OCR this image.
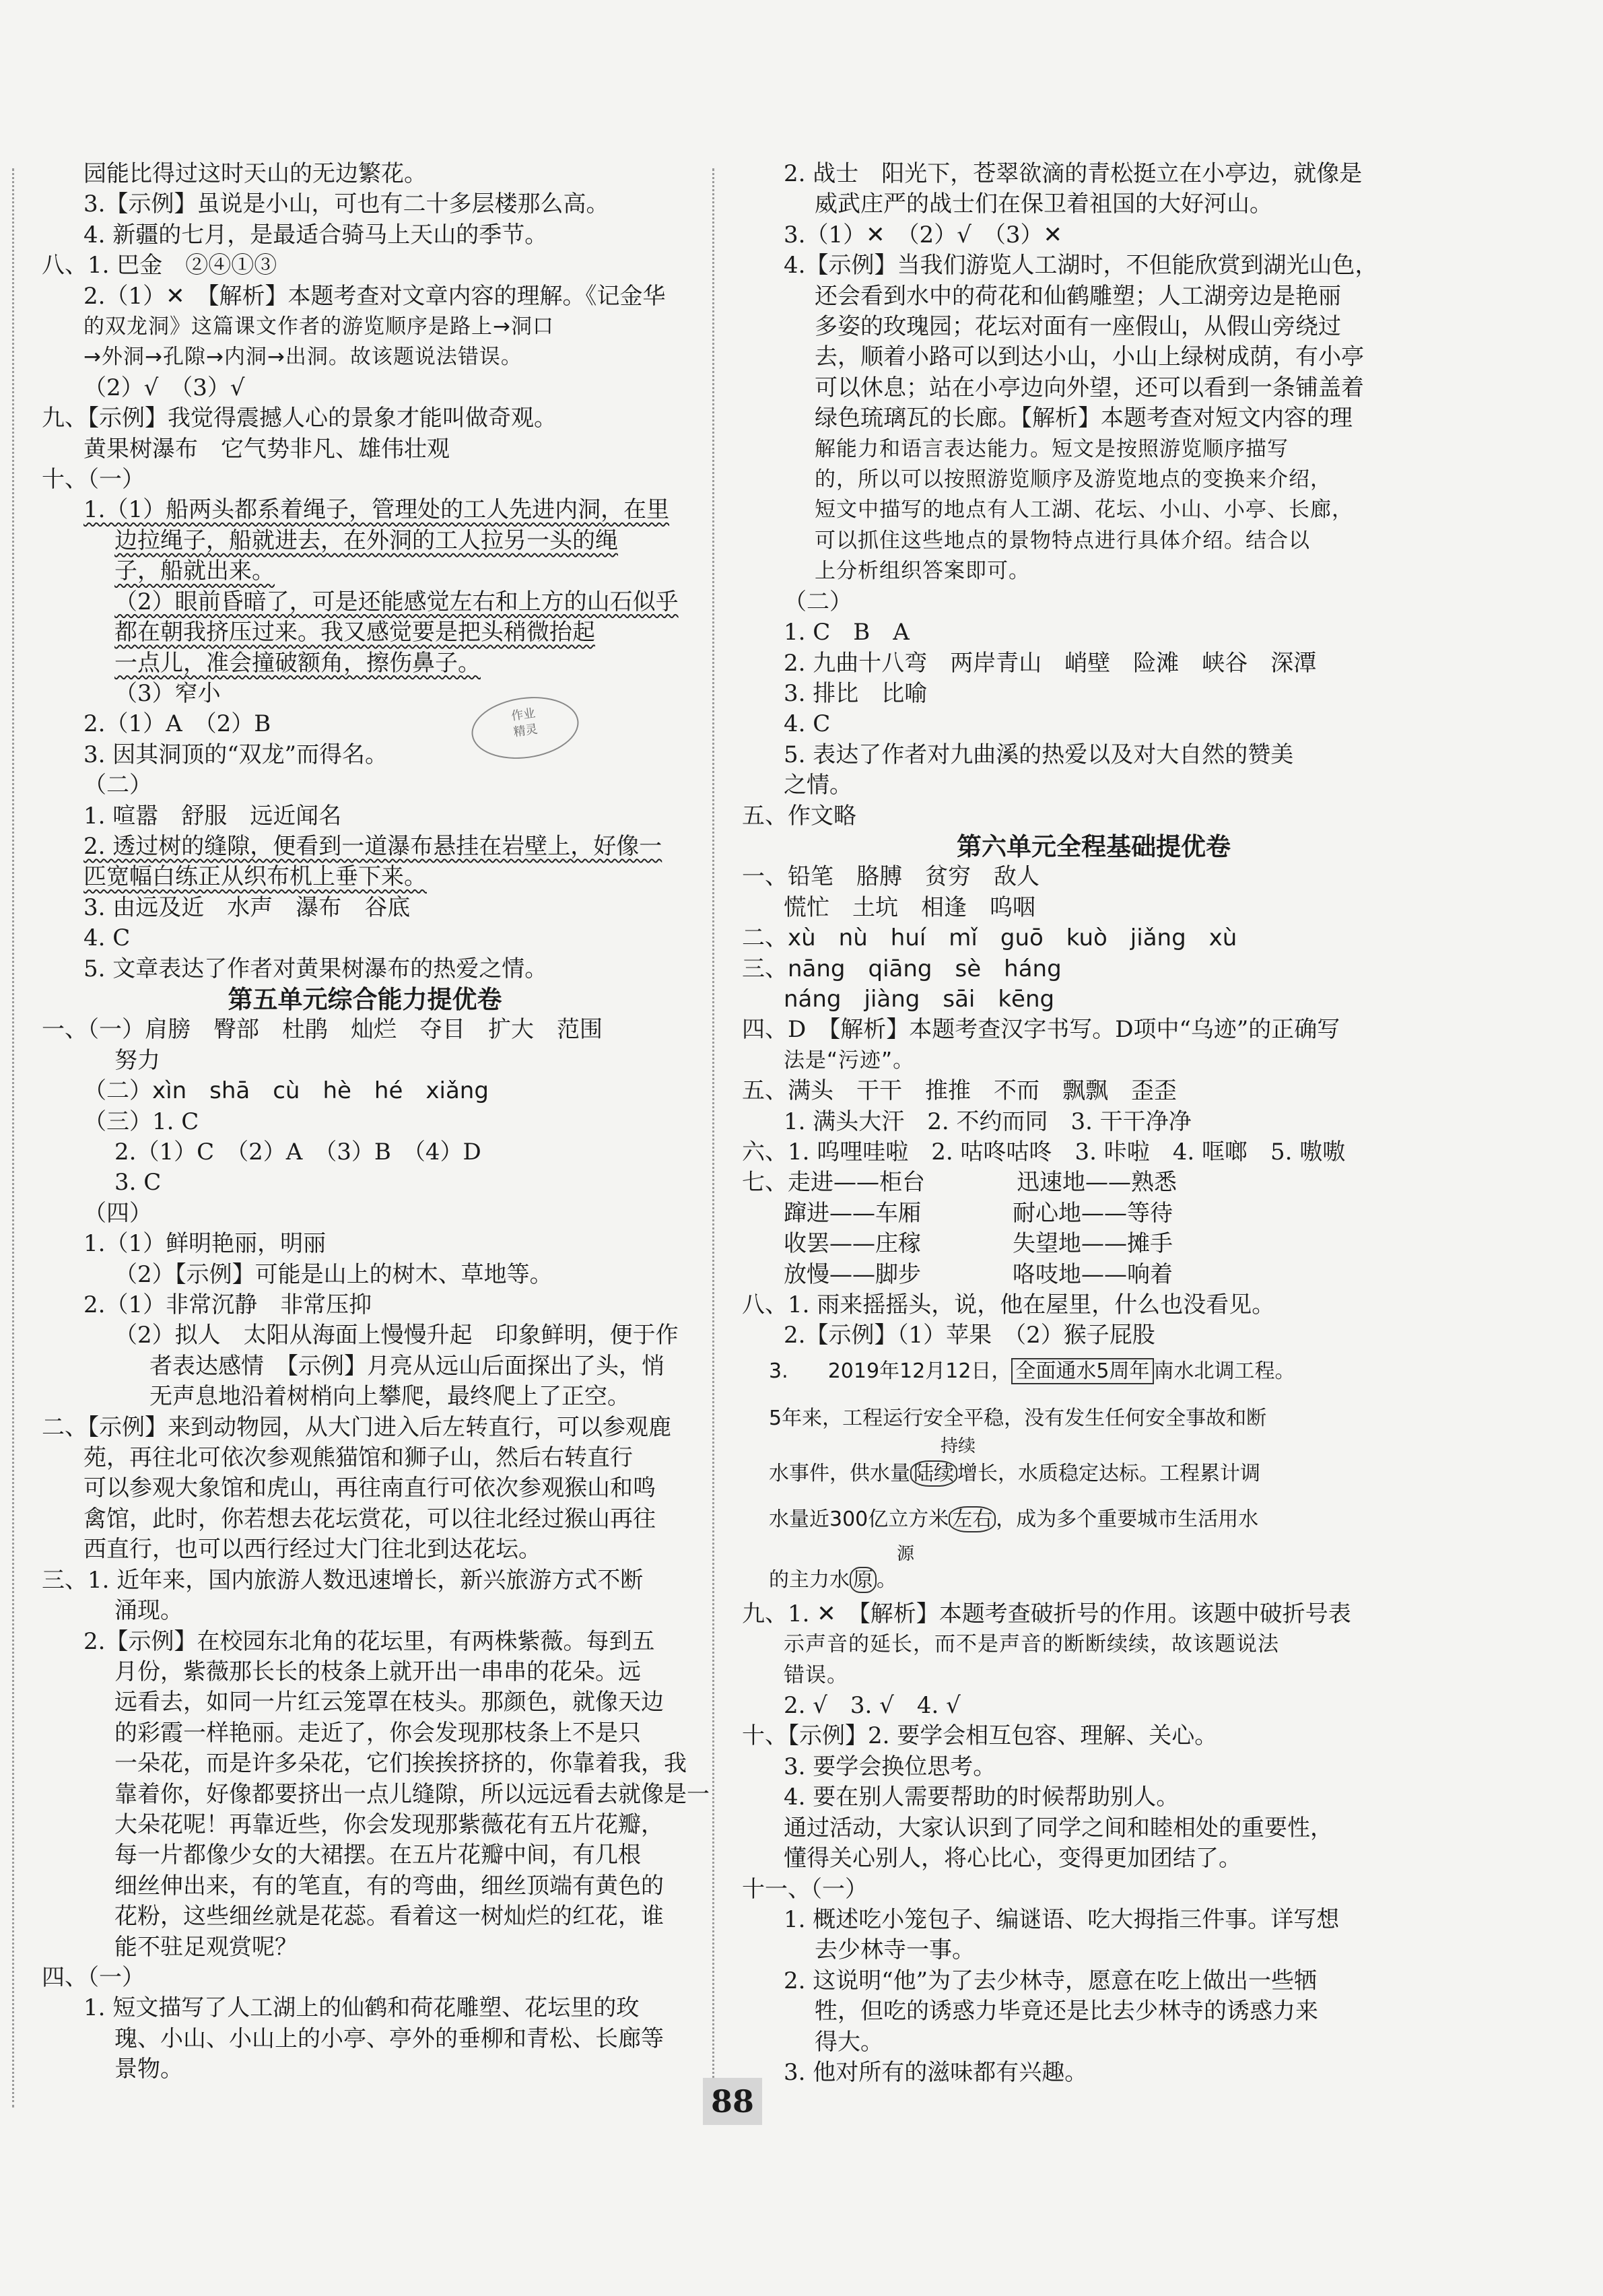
园能比得过这时天山的无边繁花。
3.【示例】虽说是小山，可也有二十多层楼那么高。
4. 新疆的七月，是最适合骑马上天山的季节。
八、1. 巴金　②④①③
2.（1）✕　【解析】本题考查对文章内容的理解。《记金华
的双龙洞》这篇课文作者的游览顺序是路上→洞口
→外洞→孔隙→内洞→出洞。故该题说法错误。
（2）√　（3）√
九、【示例】我觉得震撼人心的景象才能叫做奇观。
黄果树瀑布　它气势非凡、雄伟壮观
十、（一）
1.（1）船两头都系着绳子，管理处的工人先进内洞，在里
边拉绳子，船就进去，在外洞的工人拉另一头的绳
子，船就出来。
（2）眼前昏暗了，可是还能感觉左右和上方的山石似乎
都在朝我挤压过来。我又感觉要是把头稍微抬起
一点儿，准会撞破额角，擦伤鼻子。
（3）窄小
2.（1）A　（2）B
3. 因其洞顶的“双龙”而得名。
（二）
1. 喧嚣　舒服　远近闻名
2. 透过树的缝隙，便看到一道瀑布悬挂在岩壁上，好像一
匹宽幅白练正从织布机上垂下来。
3. 由远及近　水声　瀑布　谷底
4. C
5. 文章表达了作者对黄果树瀑布的热爱之情。
第五单元综合能力提优卷
一、（一）肩膀　臀部　杜鹃　灿烂　夺目　扩大　范围
努力
（二）xìn　shā　cù　hè　hé　xiǎng
（三）1. C
2.（1）C　（2）A　（3）B　（4）D
3. C
（四）
1.（1）鲜明艳丽，明丽
（2）【示例】可能是山上的树木、草地等。
2.（1）非常沉静　非常压抑
（2）拟人　太阳从海面上慢慢升起　印象鲜明，便于作
者表达感情　【示例】月亮从远山后面探出了头，悄
无声息地沿着树梢向上攀爬，最终爬上了正空。
二、【示例】来到动物园，从大门进入后左转直行，可以参观鹿
苑，再往北可依次参观熊猫馆和狮子山，然后右转直行
可以参观大象馆和虎山，再往南直行可依次参观猴山和鸣
禽馆，此时，你若想去花坛赏花，可以往北经过猴山再往
西直行，也可以西行经过大门往北到达花坛。
三、1. 近年来，国内旅游人数迅速增长，新兴旅游方式不断
涌现。
2.【示例】在校园东北角的花坛里，有两株紫薇。每到五
月份，紫薇那长长的枝条上就开出一串串的花朵。远
远看去，如同一片红云笼罩在枝头。那颜色，就像天边
的彩霞一样艳丽。走近了，你会发现那枝条上不是只
一朵花，而是许多朵花，它们挨挨挤挤的，你靠着我，我
靠着你，好像都要挤出一点儿缝隙，所以远远看去就像是一
大朵花呢！再靠近些，你会发现那紫薇花有五片花瓣，
每一片都像少女的大裙摆。在五片花瓣中间，有几根
细丝伸出来，有的笔直，有的弯曲，细丝顶端有黄色的
花粉，这些细丝就是花蕊。看着这一树灿烂的红花，谁
能不驻足观赏呢？
四、（一）
1. 短文描写了人工湖上的仙鹤和荷花雕塑、花坛里的玫
瑰、小山、小山上的小亭、亭外的垂柳和青松、长廊等
景物。
2. 战士　阳光下，苍翠欲滴的青松挺立在小亭边，就像是
威武庄严的战士们在保卫着祖国的大好河山。
3.（1）✕　（2）√　（3）✕
4.【示例】当我们游览人工湖时，不但能欣赏到湖光山色，
还会看到水中的荷花和仙鹤雕塑；人工湖旁边是艳丽
多姿的玫瑰园；花坛对面有一座假山，从假山旁绕过
去，顺着小路可以到达小山，小山上绿树成荫，有小亭
可以休息；站在小亭边向外望，还可以看到一条铺盖着
绿色琉璃瓦的长廊。【解析】本题考查对短文内容的理
解能力和语言表达能力。短文是按照游览顺序描写
的，所以可以按照游览顺序及游览地点的变换来介绍，
短文中描写的地点有人工湖、花坛、小山、小亭、长廊，
可以抓住这些地点的景物特点进行具体介绍。结合以
上分析组织答案即可。
（二）
1. C　B　A
2. 九曲十八弯　两岸青山　峭壁　险滩　峡谷　深潭
3. 排比　比喻
4. C
5. 表达了作者对九曲溪的热爱以及对大自然的赞美
之情。
五、作文略
第六单元全程基础提优卷
一、铅笔　胳膊　贫穷　敌人
慌忙　土坑　相逢　呜咽
二、xù　nù　huí　mǐ　guō　kuò　jiǎng　xù
三、nāng　qiāng　sè　háng
náng　jiàng　sāi　kēng
四、D　【解析】本题考查汉字书写。D项中“乌迹”的正确写
法是“污迹”。
五、满头　干干　推推　不而　飘飘　歪歪
1. 满头大汗　2. 不约而同　3. 干干净净
六、1. 呜哩哇啦　2. 咕咚咕咚　3. 咔啦　4. 哐啷　5. 嗷嗷
七、走进——柜台　　　　迅速地——熟悉
蹿进——车厢　　　　耐心地——等待
收罢——庄稼　　　　失望地——摊手
放慢——脚步　　　　咯吱地——响着
八、1. 雨来摇摇头，说，他在屋里，什么也没看见。
2.【示例】（1）苹果　（2）猴子屁股
3. 2019年12月12日， 全面通水5周年 南水北调工程。
5年来，工程运行安全平稳，没有发生任何安全事故和断
持续
水事件，供水量 陆续 增长，水质稳定达标。工程累计调
水量近300亿立方米 左右 ，成为多个重要城市生活用水
源
的主力水 原 。
九、1. ✕　【解析】本题考查破折号的作用。该题中破折号表
示声音的延长，而不是声音的断断续续，故该题说法
错误。
2. √　3. √　4. √
十、【示例】2. 要学会相互包容、理解、关心。
3. 要学会换位思考。
4. 要在别人需要帮助的时候帮助别人。
通过活动，大家认识到了同学之间和睦相处的重要性，
懂得关心别人，将心比心，变得更加团结了。
十一、（一）
1. 概述吃小笼包子、编谜语、吃大拇指三件事。详写想
去少林寺一事。
2. 这说明“他”为了去少林寺，愿意在吃上做出一些牺
牲，但吃的诱惑力毕竟还是比去少林寺的诱惑力来
得大。
3. 他对所有的滋味都有兴趣。
作业
精灵
88
